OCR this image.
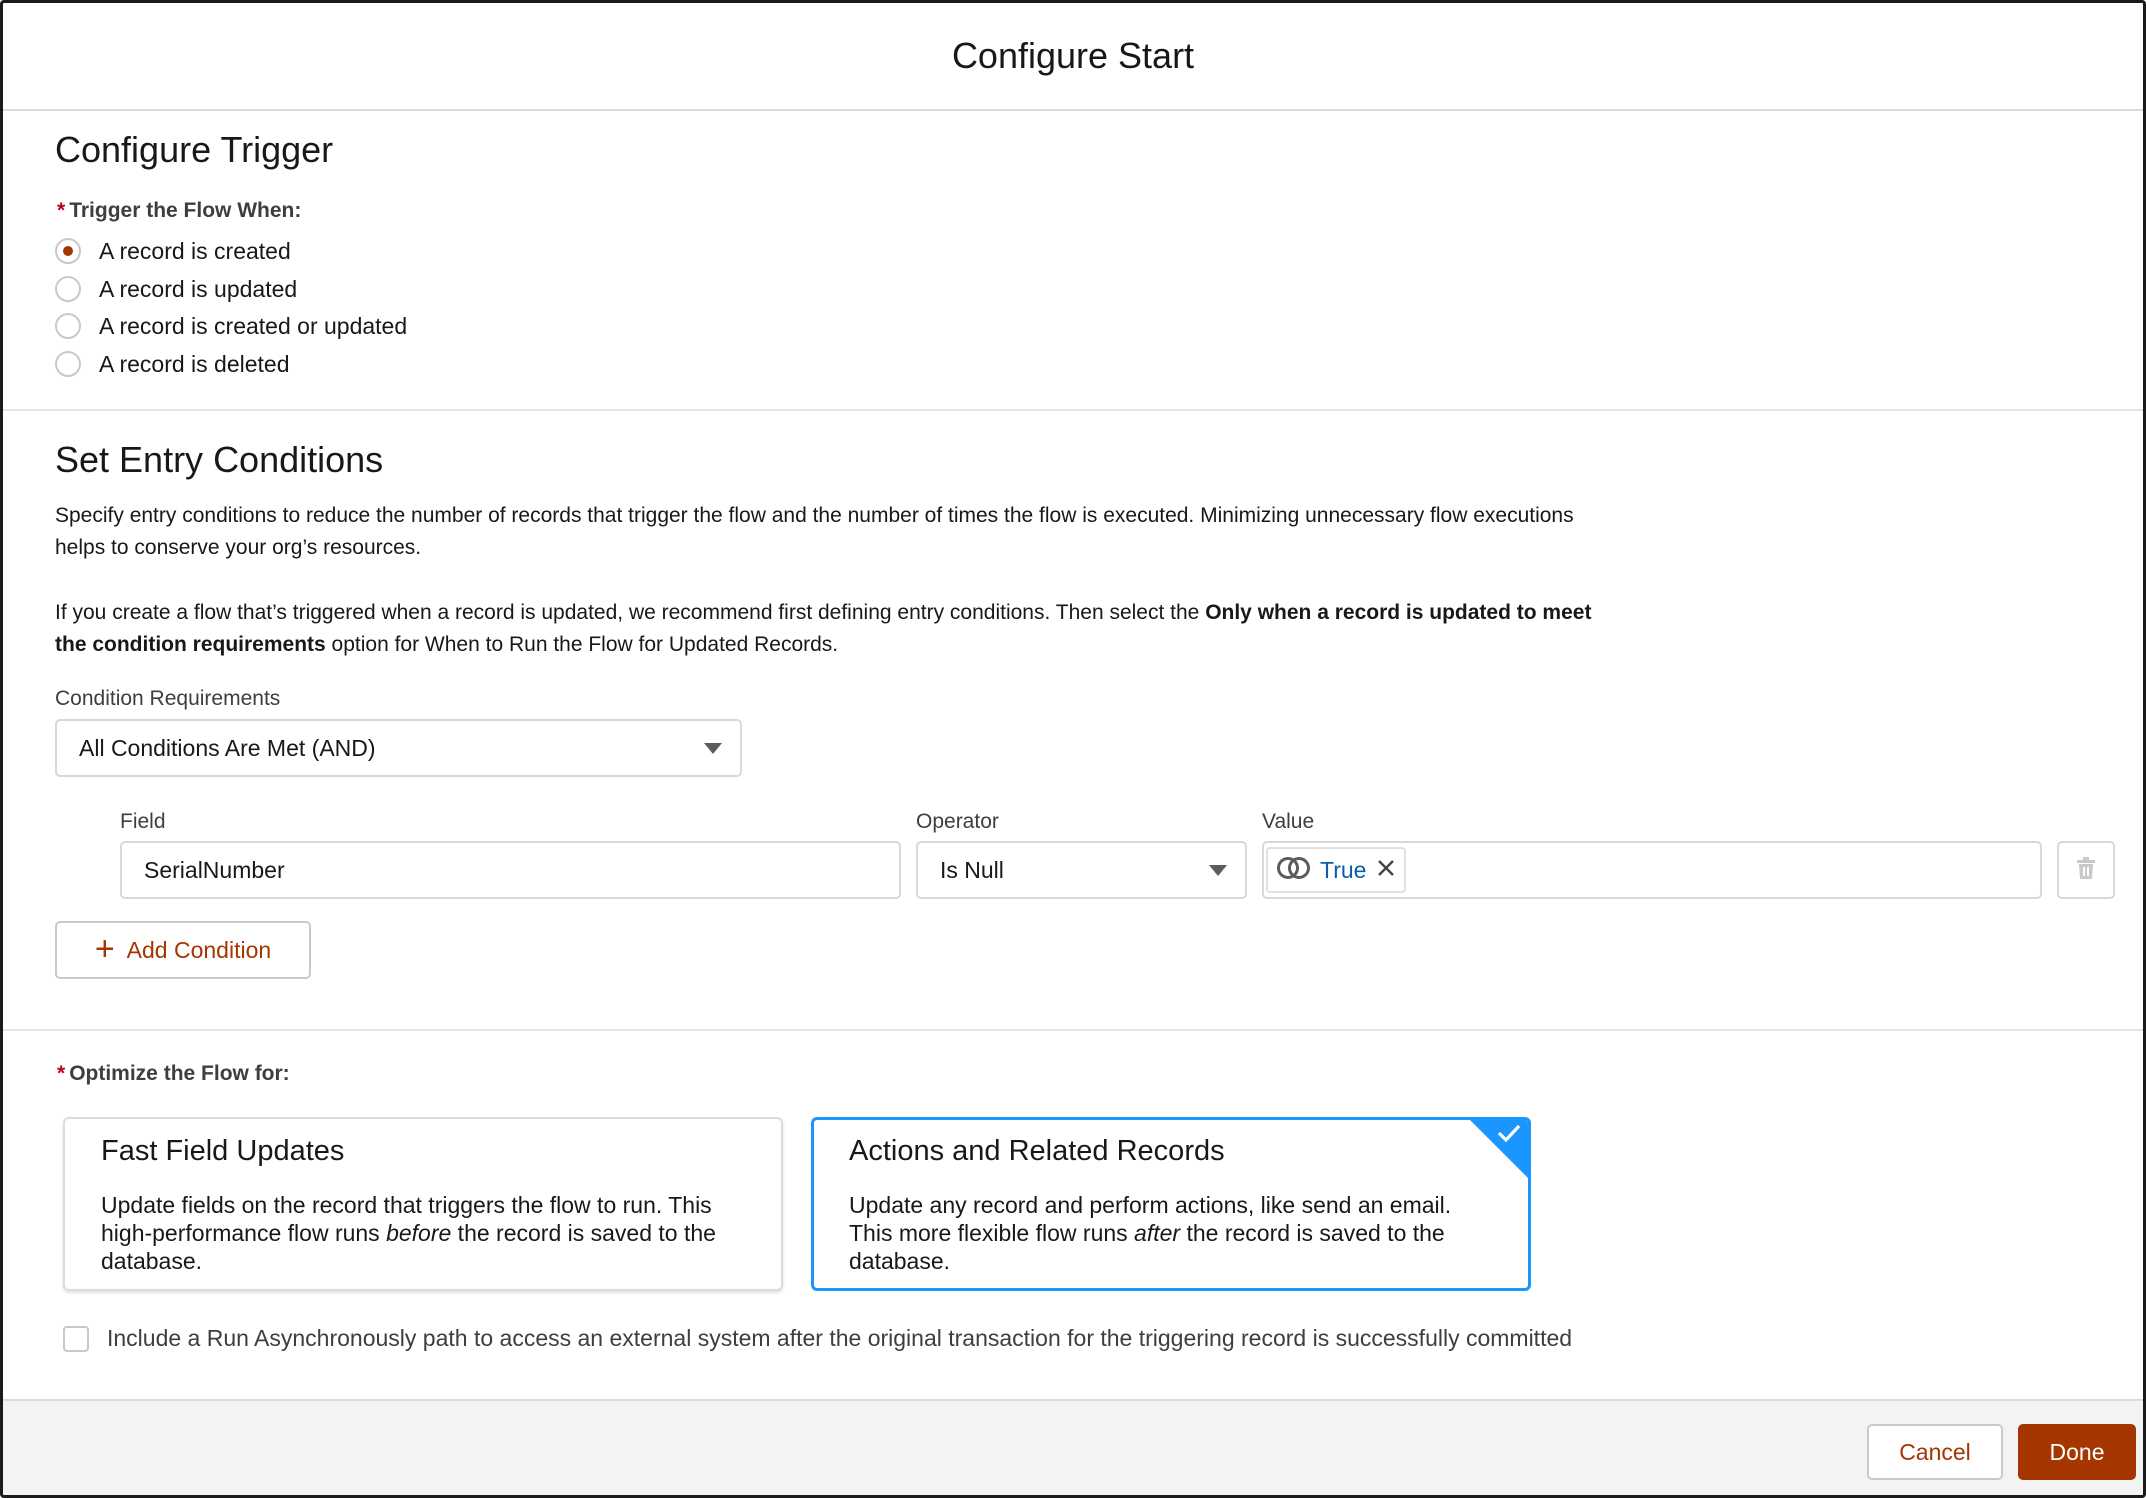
Configure Start
Configure Trigger
* Trigger the Flow When:
A record is created
A record is updated
A record is created or updated
A record is deleted
Set Entry Conditions

Specify entry conditions to reduce the number of records that trigger the flow and the number of times the flow is executed. Minimizing unnecessary flow executions helps to conserve your org’s resources.

If you create a flow that’s triggered when a record is updated, we recommend first defining entry conditions. Then select the Only when a record is updated to meet the condition requirements option for When to Run the Flow for Updated Records.

Condition Requirements
All Conditions Are Met (AND)
Field
SerialNumber
Operator
Is Null
Value
True
+ Add Condition
* Optimize the Flow for:
Fast Field Updates
Update fields on the record that triggers the flow to run. This high-performance flow runs before the record is saved to the database.
Actions and Related Records
Update any record and perform actions, like send an email. This more flexible flow runs after the record is saved to the database.
Include a Run Asynchronously path to access an external system after the original transaction for the triggering record is successfully committed
Cancel	Done
